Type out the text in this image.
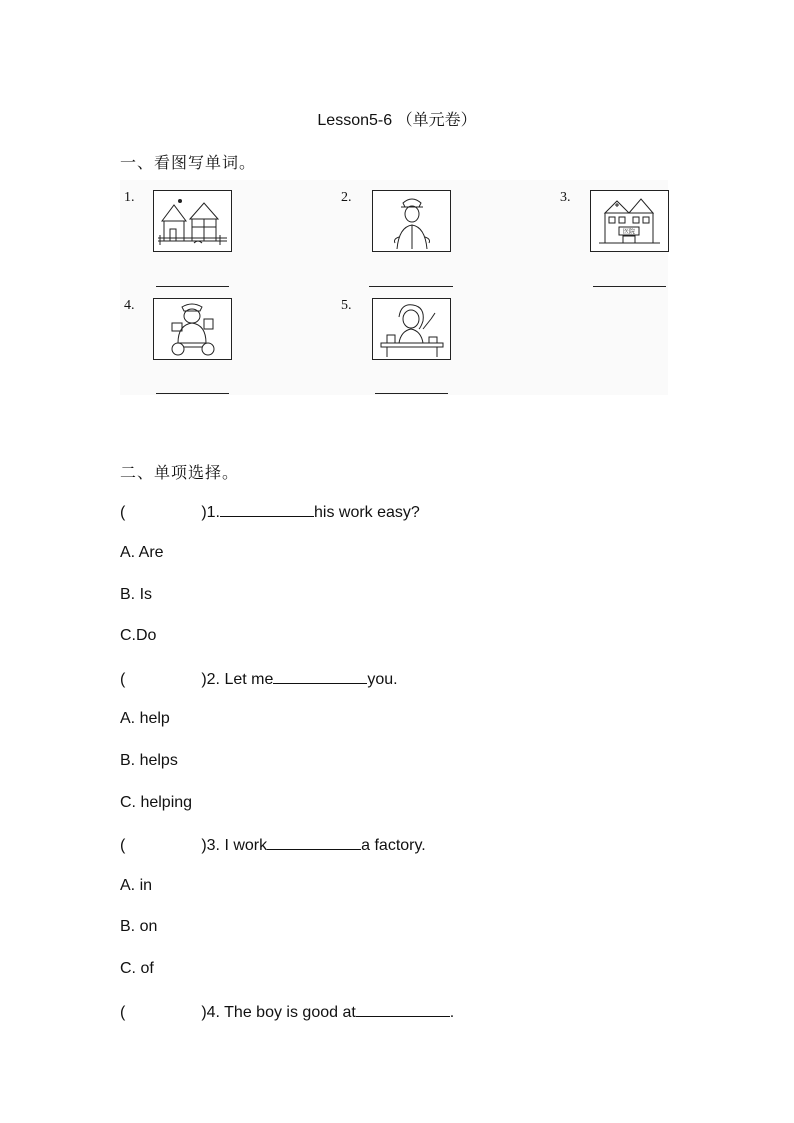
Lesson5-6 （单元卷）
一、看图写单词。
1.	2.	3.
医院
4.	5.
二、单项选择。
(	)1.	his work easy?
A. Are
B. Is
C.Do
(	)2. Let me	you.
A. help
B. helps
C. helping
(	)3. I work	a factory.
A. in
B. on
C. of
(	)4. The boy is good at	.
